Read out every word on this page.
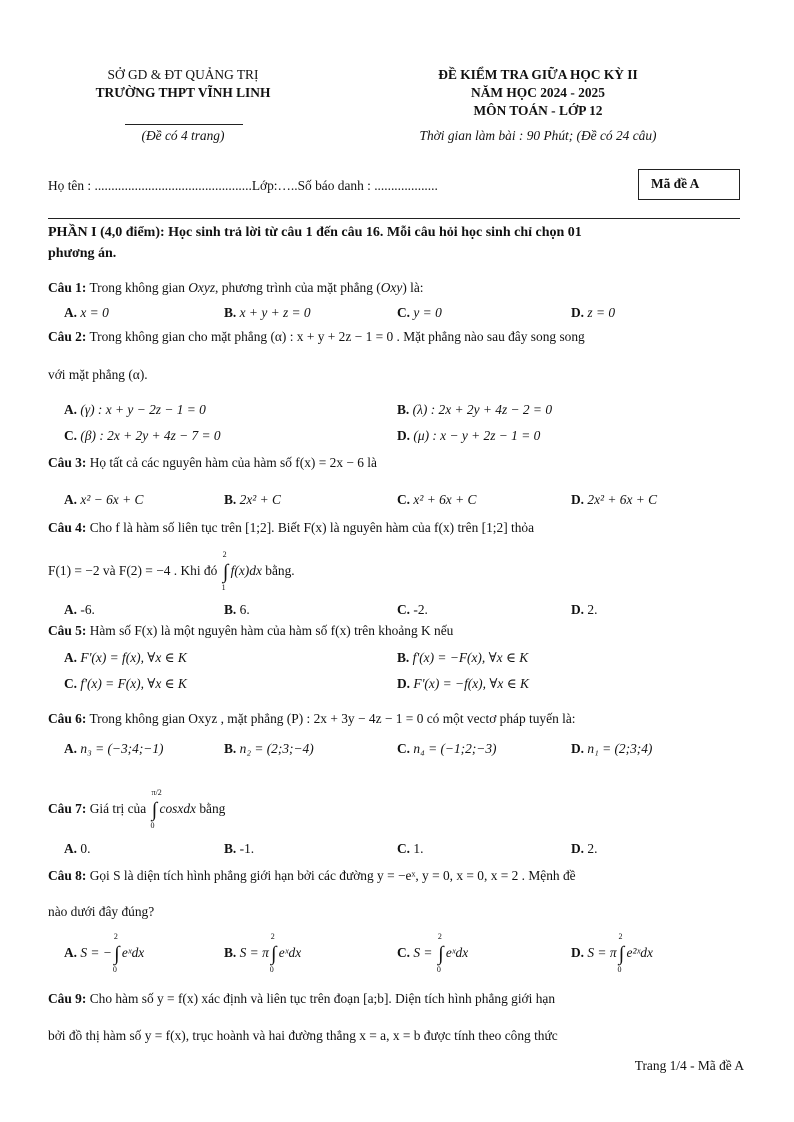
SỞ GD & ĐT QUẢNG TRỊ
TRƯỜNG THPT VĨNH LINH
(Đề có 4 trang)
ĐỀ KIỂM TRA GIỮA HỌC KỲ II
NĂM HỌC 2024 - 2025
MÔN TOÁN - LỚP 12
Thời gian làm bài : 90 Phút; (Đề có 24 câu)
Họ tên : ...............................................Lớp:…..Số báo danh : ...................	Mã đề A
PHẦN I (4,0 điểm): Học sinh trả lời từ câu 1 đến câu 16. Mỗi câu hỏi học sinh chỉ chọn 01
phương án.
Câu 1: Trong không gian Oxyz, phương trình của mặt phẳng (Oxy) là:
A. x = 0	B. x + y + z = 0	C. y = 0	D. z = 0
Câu 2: Trong không gian cho mặt phẳng (α) : x + y + 2z − 1 = 0 . Mặt phẳng nào sau đây song song
với mặt phẳng (α).
A. (γ) : x + y − 2z − 1 = 0	B. (λ) : 2x + 2y + 4z − 2 = 0
C. (β) : 2x + 2y + 4z − 7 = 0	D. (μ) : x − y + 2z − 1 = 0
Câu 3: Họ tất cả các nguyên hàm của hàm số f(x) = 2x − 6 là
A. x² − 6x + C	B. 2x² + C	C. x² + 6x + C	D. 2x² + 6x + C
Câu 4: Cho f là hàm số liên tục trên [1;2]. Biết F(x) là nguyên hàm của f(x) trên [1;2] thỏa
F(1) = −2 và F(2) = −4 . Khi đó
2
∫
1
f(x)dx bằng.
A. -6.	B. 6.	C. -2.	D. 2.
Câu 5: Hàm số F(x) là một nguyên hàm của hàm số f(x) trên khoảng K nếu
A. F'(x) = f(x), ∀x ∈ K	B. f'(x) = −F(x), ∀x ∈ K
C. f'(x) = F(x), ∀x ∈ K	D. F'(x) = −f(x), ∀x ∈ K
Câu 6: Trong không gian Oxyz , mặt phẳng (P) : 2x + 3y − 4z − 1 = 0 có một vectơ pháp tuyến là:
A. n₃ = (−3;4;−1)	B. n₂ = (2;3;−4)	C. n₄ = (−1;2;−3)	D. n₁ = (2;3;4)
Câu 7: Giá trị của
π/2
∫
0
cosxdx bằng
A. 0.	B. -1.	C. 1.	D. 2.
Câu 8: Gọi S là diện tích hình phẳng giới hạn bởi các đường y = −eˣ, y = 0, x = 0, x = 2 . Mệnh đề
nào dưới đây đúng?
A. S = −
2
∫
0
eˣdx	B. S = π
2
∫
0
eˣdx	C. S =
2
∫
0
eˣdx	D. S = π
2
∫
0
e²ˣdx
Câu 9: Cho hàm số y = f(x) xác định và liên tục trên đoạn [a;b]. Diện tích hình phẳng giới hạn
bởi đồ thị hàm số y = f(x), trục hoành và hai đường thẳng x = a, x = b được tính theo công thức
Trang 1/4 - Mã đề A
